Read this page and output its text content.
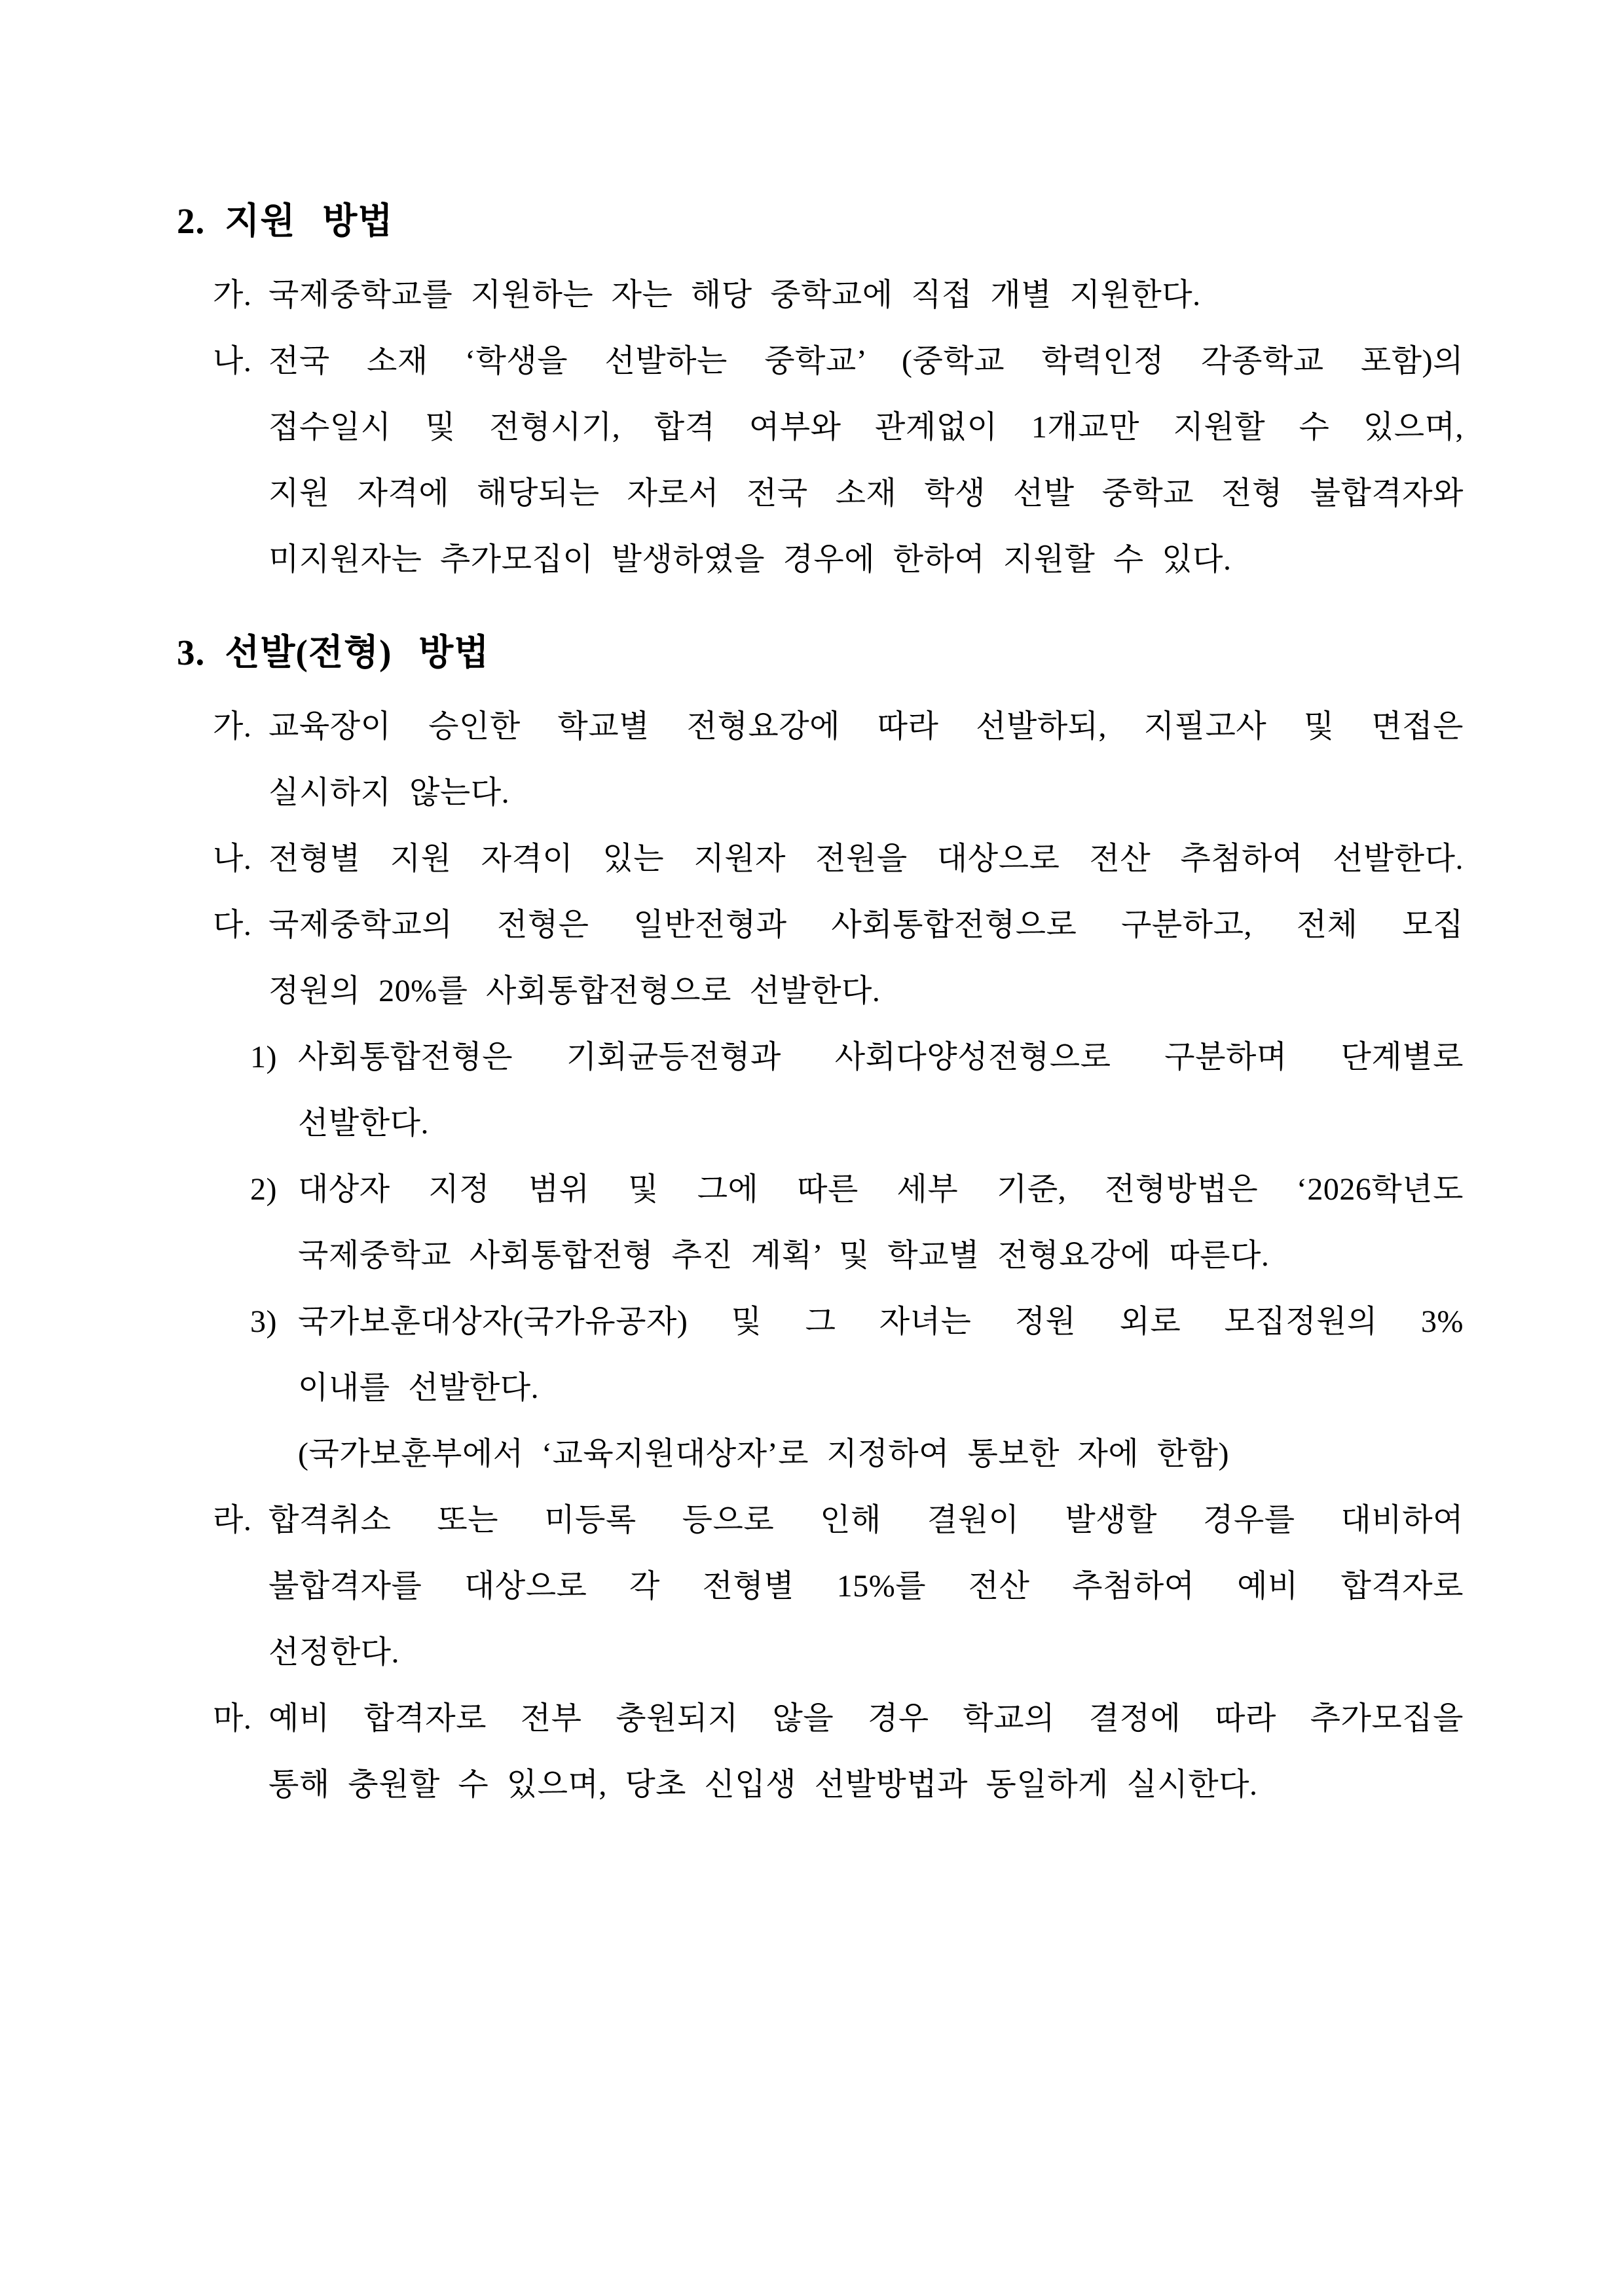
2. 지원 방법
가. 국제중학교를 지원하는 자는 해당 중학교에 직접 개별 지원한다.
나. 전국 소재 ‘학생을 선발하는 중학교’ (중학교 학력인정 각종학교 포함)의
접수일시 및 전형시기, 합격 여부와 관계없이 1개교만 지원할 수 있으며,
지원 자격에 해당되는 자로서 전국 소재 학생 선발 중학교 전형 불합격자와
미지원자는 추가모집이 발생하였을 경우에 한하여 지원할 수 있다.
3. 선발(전형) 방법
가. 교육장이 승인한 학교별 전형요강에 따라 선발하되, 지필고사 및 면접은
실시하지 않는다.
나. 전형별 지원 자격이 있는 지원자 전원을 대상으로 전산 추첨하여 선발한다.
다. 국제중학교의 전형은 일반전형과 사회통합전형으로 구분하고, 전체 모집
정원의 20%를 사회통합전형으로 선발한다.
1) 사회통합전형은 기회균등전형과 사회다양성전형으로 구분하며 단계별로
선발한다.
2) 대상자 지정 범위 및 그에 따른 세부 기준, 전형방법은 ‘2026학년도
국제중학교 사회통합전형 추진 계획’ 및 학교별 전형요강에 따른다.
3) 국가보훈대상자(국가유공자) 및 그 자녀는 정원 외로 모집정원의 3%
이내를 선발한다.
(국가보훈부에서 ‘교육지원대상자’로 지정하여 통보한 자에 한함)
라. 합격취소 또는 미등록 등으로 인해 결원이 발생할 경우를 대비하여
불합격자를 대상으로 각 전형별 15%를 전산 추첨하여 예비 합격자로
선정한다.
마. 예비 합격자로 전부 충원되지 않을 경우 학교의 결정에 따라 추가모집을
통해 충원할 수 있으며, 당초 신입생 선발방법과 동일하게 실시한다.
